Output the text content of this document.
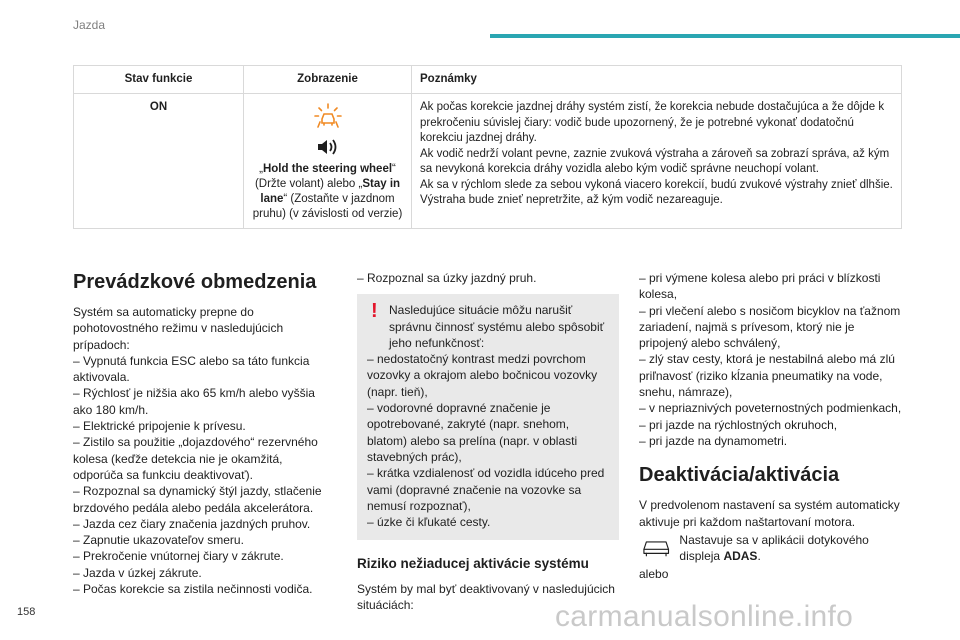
Jazda
Stav funkcie	Zobrazenie	Poznámky
ON	„Hold the steering wheel“ (Držte volant) alebo „Stay in lane“ (Zostaňte v jazdnom pruhu) (v závislosti od verzie)	Ak počas korekcie jazdnej dráhy systém zistí, že korekcia nebude dostačujúca a že dôjde k prekročeniu súvislej čiary: vodič bude upozornený, že je potrebné vykonať dodatočnú korekciu jazdnej dráhy.

Ak vodič nedrží volant pevne, zaznie zvuková výstraha a zároveň sa zobrazí správa, až kým sa nevykoná korekcia dráhy vozidla alebo kým vodič správne neuchopí volant.

Ak sa v rýchlom slede za sebou vykoná viacero korekcií, budú zvukové výstrahy znieť dlhšie. Výstraha bude znieť nepretržite, až kým vodič nezareaguje.

Prevádzkové obmedzenia

Systém sa automaticky prepne do pohotovostného režimu v nasledujúcich prípadoch:

– Vypnutá funkcia ESC alebo sa táto funkcia aktivovala.

– Rýchlosť je nižšia ako 65 km/h alebo vyššia ako 180 km/h.

– Elektrické pripojenie k prívesu.

– Zistilo sa použitie „dojazdového“ rezervného kolesa (keďže detekcia nie je okamžitá, odporúča sa funkciu deaktivovať).

– Rozpoznal sa dynamický štýl jazdy, stlačenie brzdového pedála alebo pedála akcelerátora.

– Jazda cez čiary značenia jazdných pruhov.

– Zapnutie ukazovateľov smeru.

– Prekročenie vnútornej čiary v zákrute.

– Jazda v úzkej zákrute.

– Počas korekcie sa zistila nečinnosti vodiča.

– Rozpoznal sa úzky jazdný pruh.

! Nasledujúce situácie môžu narušiť správnu činnosť systému alebo spôsobiť jeho nefunkčnosť:

– nedostatočný kontrast medzi povrchom vozovky a okrajom alebo bočnicou vozovky (napr. tieň),

– vodorovné dopravné značenie je opotrebované, zakryté (napr. snehom, blatom) alebo sa prelína (napr. v oblasti stavebných prác),

– krátka vzdialenosť od vozidla idúceho pred vami (dopravné značenie na vozovke sa nemusí rozpoznať),

– úzke či kľukaté cesty.

Riziko nežiaducej aktivácie systému

Systém by mal byť deaktivovaný v nasledujúcich situáciách:

– pri výmene kolesa alebo pri práci v blízkosti kolesa,

– pri vlečení alebo s nosičom bicyklov na ťažnom zariadení, najmä s prívesom, ktorý nie je pripojený alebo schválený,

– zlý stav cesty, ktorá je nestabilná alebo má zlú priľnavosť (riziko kĺzania pneumatiky na vode, snehu, námraze),

– v nepriaznivých poveternostných podmienkach,

– pri jazde na rýchlostných okruhoch,

– pri jazde na dynamometri.

Deaktivácia/aktivácia

V predvolenom nastavení sa systém automaticky aktivuje pri každom naštartovaní motora.

Nastavuje sa v aplikácii dotykového displeja ADAS.

alebo

158	carmanualsonline.info
